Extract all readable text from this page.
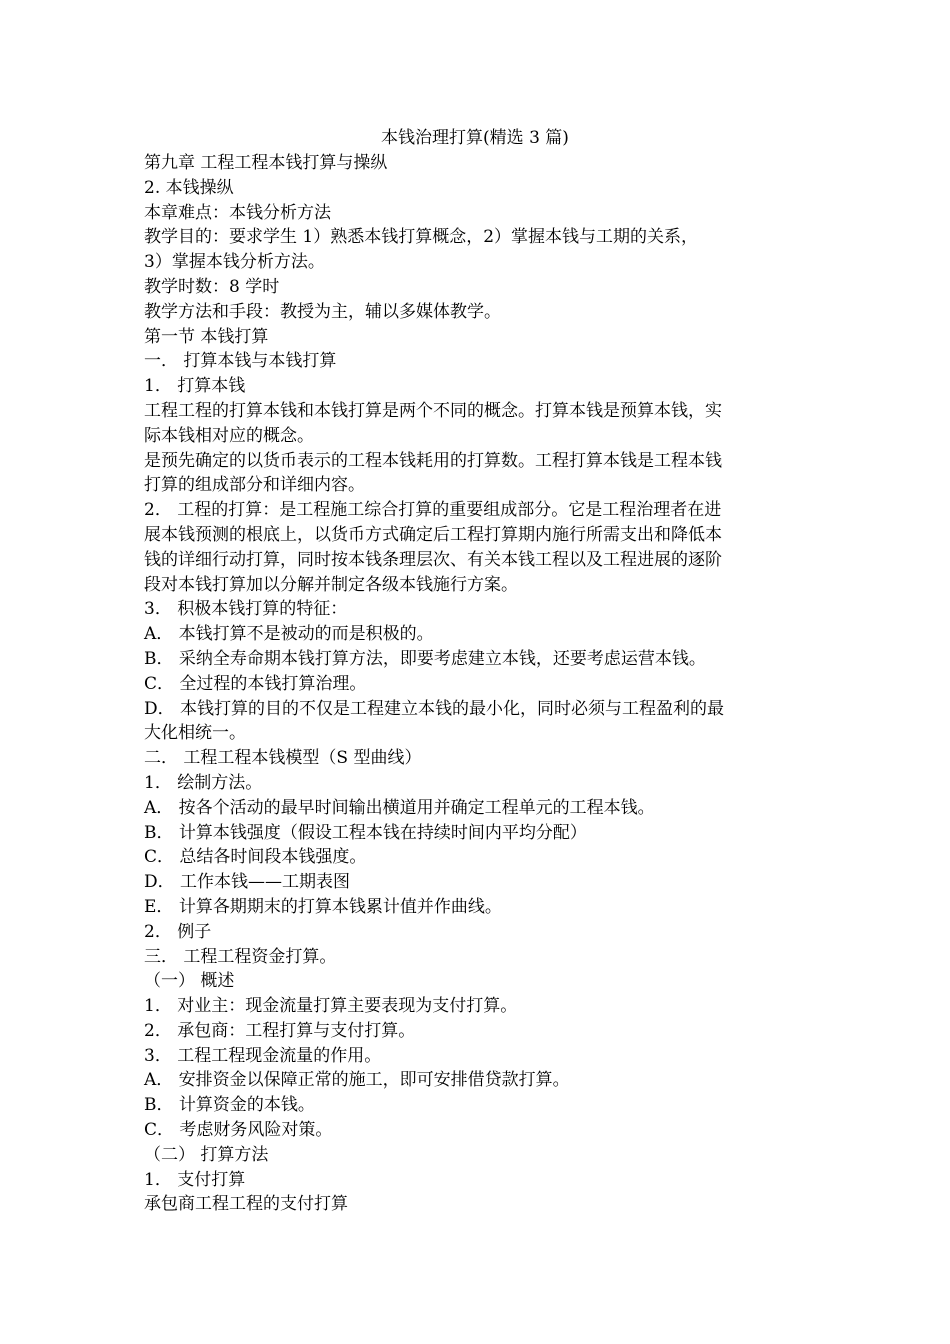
本钱治理打算(精选 3 篇)
第九章 工程工程本钱打算与操纵
2. 本钱操纵
本章难点：本钱分析方法
教学目的：要求学生 1）熟悉本钱打算概念，2）掌握本钱与工期的关系，
3）掌握本钱分析方法。
教学时数：8 学时
教学方法和手段：教授为主，辅以多媒体教学。
第一节 本钱打算
一． 打算本钱与本钱打算
1． 打算本钱
工程工程的打算本钱和本钱打算是两个不同的概念。打算本钱是预算本钱，实
际本钱相对应的概念。
是预先确定的以货币表示的工程本钱耗用的打算数。工程打算本钱是工程本钱
打算的组成部分和详细内容。
2． 工程的打算：是工程施工综合打算的重要组成部分。它是工程治理者在进
展本钱预测的根底上，以货币方式确定后工程打算期内施行所需支出和降低本
钱的详细行动打算，同时按本钱条理层次、有关本钱工程以及工程进展的逐阶
段对本钱打算加以分解并制定各级本钱施行方案。
3． 积极本钱打算的特征：
A． 本钱打算不是被动的而是积极的。
B． 采纳全寿命期本钱打算方法，即要考虑建立本钱，还要考虑运营本钱。
C． 全过程的本钱打算治理。
D． 本钱打算的目的不仅是工程建立本钱的最小化，同时必须与工程盈利的最
大化相统一。
二． 工程工程本钱模型（S 型曲线）
1． 绘制方法。
A． 按各个活动的最早时间输出横道用并确定工程单元的工程本钱。
B． 计算本钱强度（假设工程本钱在持续时间内平均分配）
C． 总结各时间段本钱强度。
D． 工作本钱——工期表图
E． 计算各期期末的打算本钱累计值并作曲线。
2． 例子
三． 工程工程资金打算。
（一） 概述
1． 对业主：现金流量打算主要表现为支付打算。
2． 承包商：工程打算与支付打算。
3． 工程工程现金流量的作用。
A． 安排资金以保障正常的施工，即可安排借贷款打算。
B． 计算资金的本钱。
C． 考虑财务风险对策。
（二） 打算方法
1． 支付打算
承包商工程工程的支付打算
